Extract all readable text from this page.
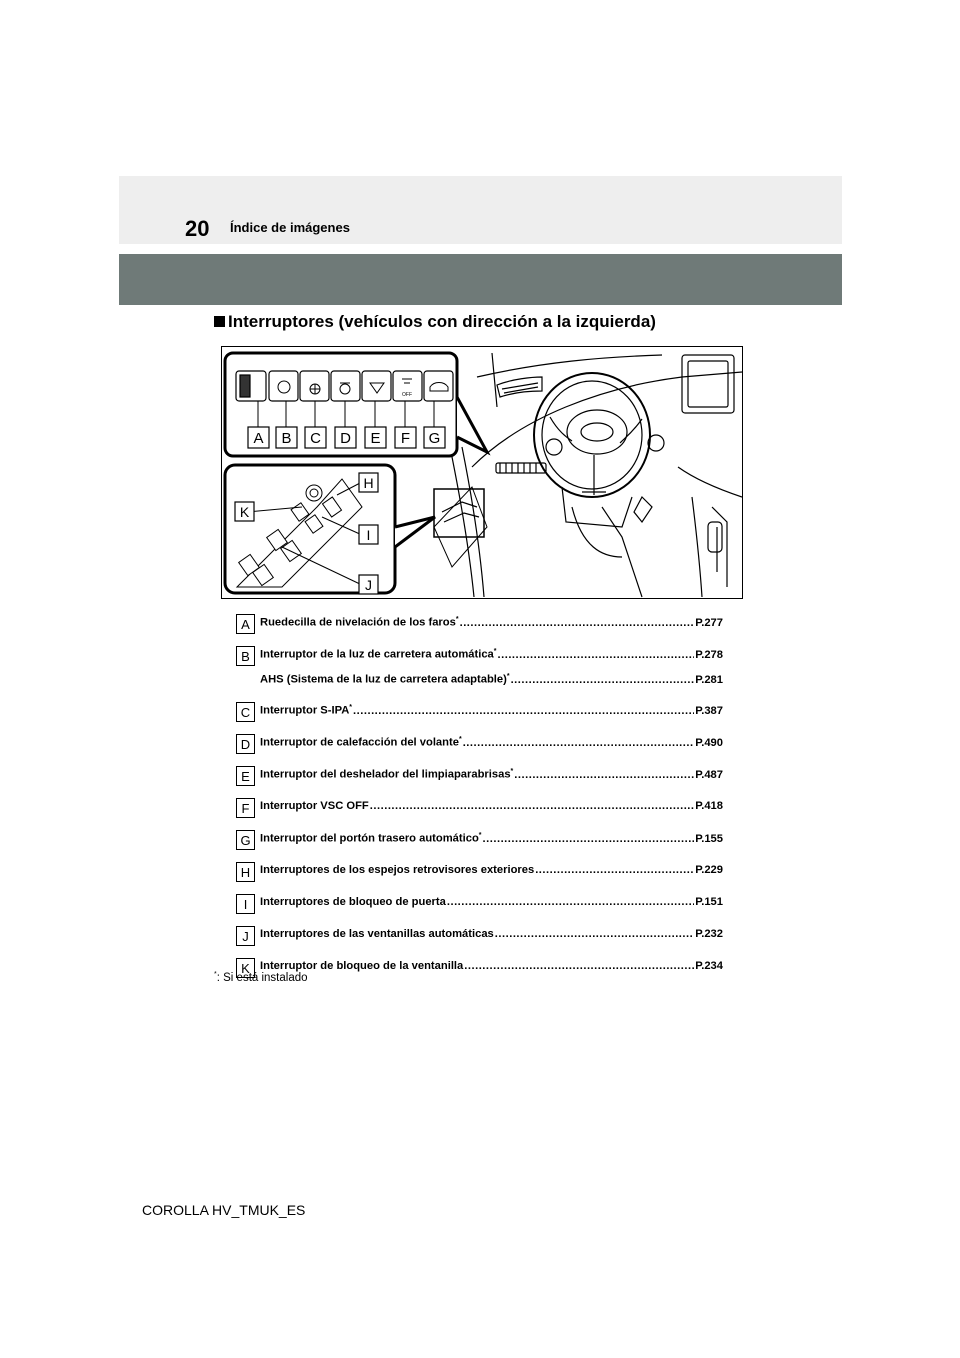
20 Índice de imágenes
Interruptores (vehículos con dirección a la izquierda)
OFF
A B C D E F G
H
I
J
K
A Ruedecilla de nivelación de los faros* .....	P.277
B Interruptor de la luz de carretera automática* .....	P.278
AHS (Sistema de la luz de carretera adaptable)* .....	P.281
C Interruptor S-IPA* .....	P.387
D Interruptor de calefacción del volante* .....	P.490
E Interruptor del deshelador del limpiaparabrisas* .....	P.487
F Interruptor VSC OFF .....	P.418
G Interruptor del portón trasero automático* .....	P.155
H Interruptores de los espejos retrovisores exteriores .....	P.229
I	Interruptores de bloqueo de puerta .....	P.151
J	Interruptores de las ventanillas automáticas .....	P.232
K Interruptor de bloqueo de la ventanilla .....	P.234
*: Si está instalado
COROLLA HV_TMUK_ES
